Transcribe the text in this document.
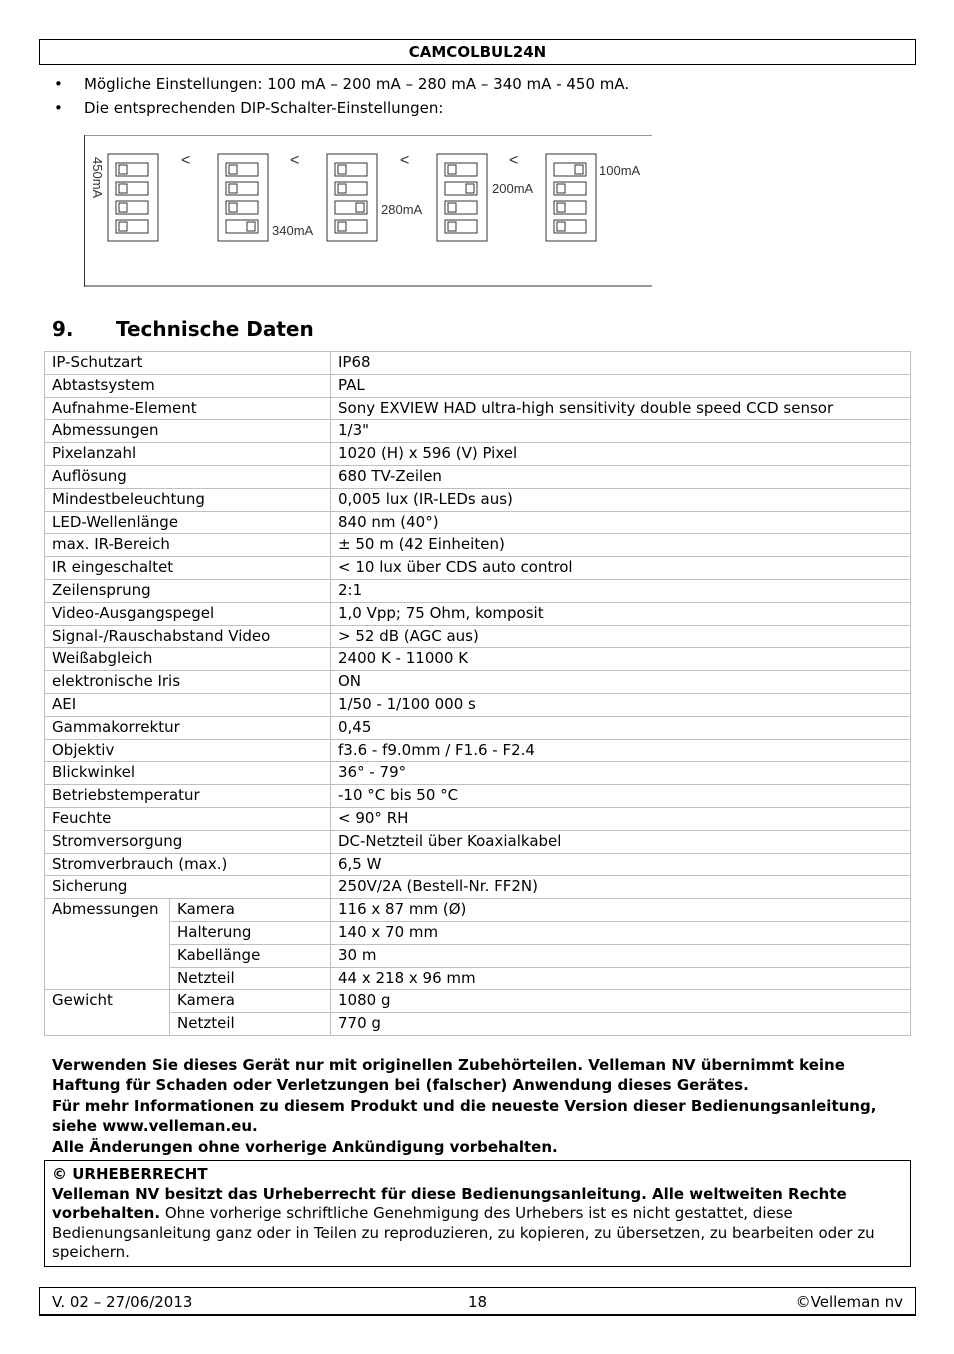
CAMCOLBUL24N
• Mögliche Einstellungen: 100 mA – 200 mA – 280 mA – 340 mA - 450 mA.
• Die entsprechenden DIP-Schalter-Einstellungen:
450mA
340mA
280mA
200mA
100mA
<	<	<	<
9. Technische Daten
IP-Schutzart		IP68
Abtastsystem		PAL
Aufnahme-Element		Sony EXVIEW HAD ultra-high sensitivity double speed CCD sensor
Abmessungen		1/3"
Pixelanzahl		1020 (H) x 596 (V) Pixel
Auflösung		680 TV-Zeilen
Mindestbeleuchtung		0,005 lux (IR-LEDs aus)
LED-Wellenlänge		840 nm (40°)
max. IR-Bereich		± 50 m (42 Einheiten)
IR eingeschaltet		< 10 lux über CDS auto control
Zeilensprung		2:1
Video-Ausgangspegel		1,0 Vpp; 75 Ohm, komposit
Signal-/Rauschabstand Video		> 52 dB (AGC aus)
Weißabgleich		2400 K - 11000 K
elektronische Iris		ON
AEI		1/50 - 1/100 000 s
Gammakorrektur		0,45
Objektiv		f3.6 - f9.0mm / F1.6 - F2.4
Blickwinkel		36° - 79°
Betriebstemperatur		-10 °C bis 50 °C
Feuchte		< 90° RH
Stromversorgung		DC-Netzteil über Koaxialkabel
Stromverbrauch (max.)		6,5 W
Sicherung		250V/2A (Bestell-Nr. FF2N)
Abmessungen	Kamera	116 x 87 mm (Ø)
	Halterung	140 x 70 mm
	Kabellänge	30 m
	Netzteil	44 x 218 x 96 mm
Gewicht	Kamera	1080 g
	Netzteil	770 g

Verwenden Sie dieses Gerät nur mit originellen Zubehörteilen. Velleman NV übernimmt keine Haftung für Schaden oder Verletzungen bei (falscher) Anwendung dieses Gerätes.

Für mehr Informationen zu diesem Produkt und die neueste Version dieser Bedienungsanleitung, siehe www.velleman.eu.

Alle Änderungen ohne vorherige Ankündigung vorbehalten.

© URHEBERRECHT
Velleman NV besitzt das Urheberrecht für diese Bedienungsanleitung. Alle weltweiten Rechte vorbehalten. Ohne vorherige schriftliche Genehmigung des Urhebers ist es nicht gestattet, diese Bedienungsanleitung ganz oder in Teilen zu reproduzieren, zu kopieren, zu übersetzen, zu bearbeiten oder zu speichern.
18
V. 02 – 27/06/2013	©Velleman nv
